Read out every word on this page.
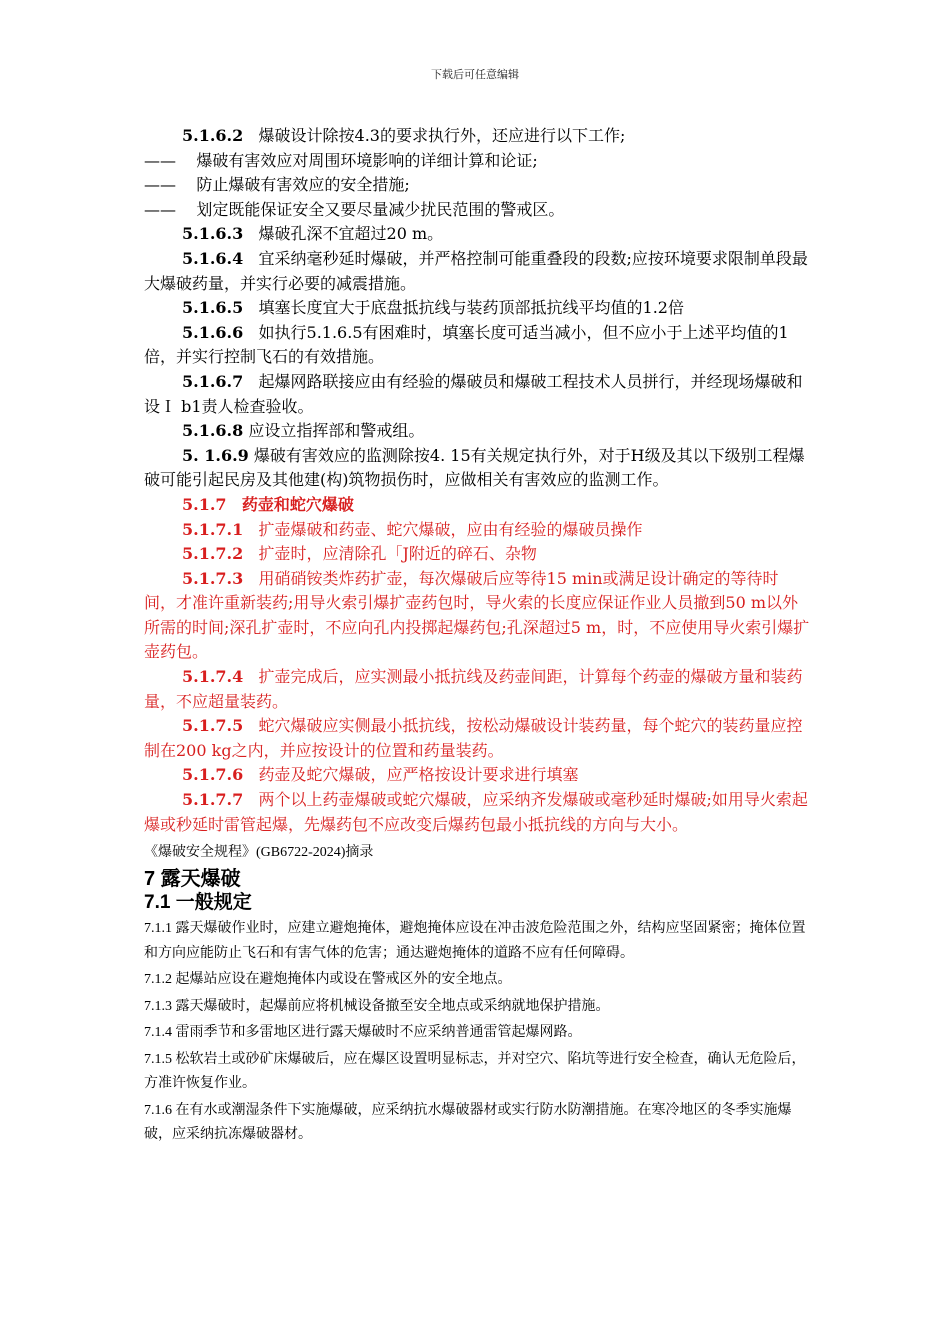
下载后可任意编辑

5.1.6.2 爆破设计除按4.3的要求执行外，还应进行以下工作;

—— 爆破有害效应对周围环境影响的详细计算和论证;

—— 防止爆破有害效应的安全措施;

—— 划定既能保证安全又要尽量减少扰民范围的警戒区。

5.1.6.3 爆破孔深不宜超过20 m。

5.1.6.4 宜采纳毫秒延时爆破，并严格控制可能重叠段的段数;应按环境要求限制单段最大爆破药量，并实行必要的减震措施。

5.1.6.5 填塞长度宜大于底盘抵抗线与装药顶部抵抗线平均值的1.2倍

5.1.6.6 如执行5.1.6.5有困难时，填塞长度可适当减小，但不应小于上述平均值的1倍，并实行控制飞石的有效措施。

5.1.6.7 起爆网路联接应由有经验的爆破员和爆破工程技术人员拼行，并经现场爆破和设Ｉ b1责人检查验收。

5.1.6.8 应设立指挥部和警戒组。

5. 1.6.9 爆破有害效应的监测除按4. 15有关规定执行外，对于H级及其以下级别工程爆破可能引起民房及其他建(构)筑物损伤时，应做相关有害效应的监测工作。

5.1.7 药壶和蛇穴爆破

5.1.7.1 扩壶爆破和药壶、蛇穴爆破，应由有经验的爆破员操作

5.1.7.2 扩壶时，应清除孔「J附近的碎石、杂物

5.1.7.3 用硝硝铵类炸药扩壶，每次爆破后应等待15 min或满足设计确定的等待时间，才准许重新装药;用导火索引爆扩壶药包时，导火索的长度应保证作业人员撤到50 m以外所需的时间;深孔扩壶时，不应向孔内投掷起爆药包;孔深超过5 m，时，不应使用导火索引爆扩壶药包。

5.1.7.4 扩壶完成后，应实测最小抵抗线及药壶间距，计算每个药壶的爆破方量和装药量，不应超量装药。

5.1.7.5 蛇穴爆破应实侧最小抵抗线，按松动爆破设计装药量，每个蛇穴的装药量应控制在200 kg之内，并应按设计的位置和药量装药。

5.1.7.6 药壶及蛇穴爆破，应严格按设计要求进行填塞

5.1.7.7 两个以上药壶爆破或蛇穴爆破，应采纳齐发爆破或毫秒延时爆破;如用导火索起爆或秒延时雷管起爆，先爆药包不应改变后爆药包最小抵抗线的方向与大小。

《爆破安全规程》(GB6722-2024)摘录

7 露天爆破

7.1 一般规定

7.1.1 露天爆破作业时，应建立避炮掩体，避炮掩体应设在冲击波危险范围之外，结构应坚固紧密；掩体位置和方向应能防止飞石和有害气体的危害；通达避炮掩体的道路不应有任何障碍。

7.1.2 起爆站应设在避炮掩体内或设在警戒区外的安全地点。

7.1.3 露天爆破时，起爆前应将机械设备撤至安全地点或采纳就地保护措施。

7.1.4 雷雨季节和多雷地区进行露天爆破时不应采纳普通雷管起爆网路。

7.1.5 松软岩土或砂矿床爆破后，应在爆区设置明显标志，并对空穴、陷坑等进行安全检查，确认无危险后，方准许恢复作业。

7.1.6 在有水或潮湿条件下实施爆破，应采纳抗水爆破器材或实行防水防潮措施。在寒冷地区的冬季实施爆破，应采纳抗冻爆破器材。
